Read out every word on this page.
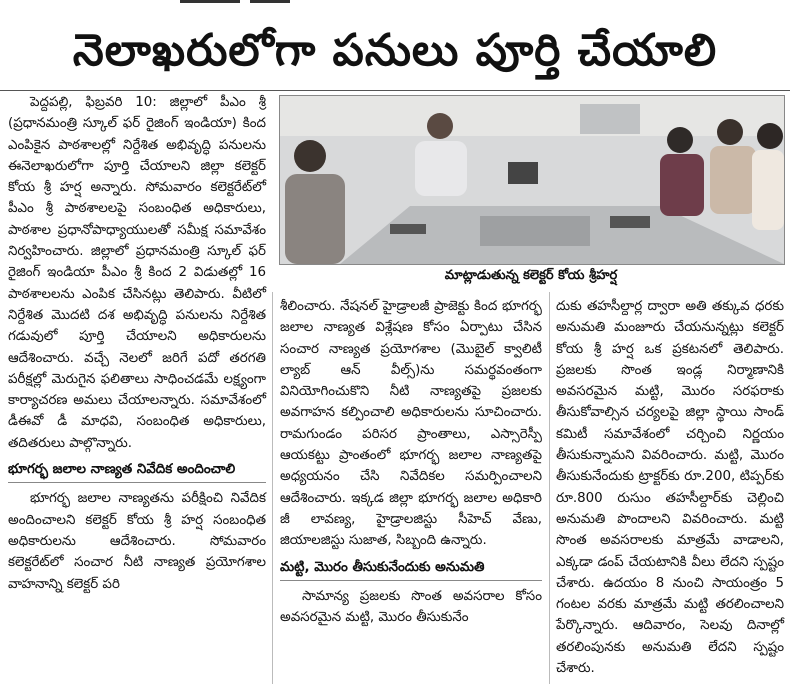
నెలాఖరులోగా పనులు పూర్తి చేయాలి

పెద్దపల్లి, ఫిబ్రవరి 10: జిల్లాలో పీఎం శ్రీ (ప్రధానమంత్రి స్కూల్ ఫర్ రైజింగ్ ఇండియా) కింద ఎంపికైన పాఠశాలల్లో నిర్దేశిత అభివృద్ధి పనులను ఈనెలాఖరులోగా పూర్తి చేయాలని జిల్లా కలెక్టర్ కోయ శ్రీ హర్ష అన్నారు. సోమవారం కలెక్టరేట్‌లో పీఎం శ్రీ పాఠశాలలపై సంబంధిత అధికారులు, పాఠశాల ప్రధానోపాధ్యాయులతో సమీక్ష సమావేశం నిర్వహించారు. జిల్లాలో ప్రధానమంత్రి స్కూల్ ఫర్ రైజింగ్ ఇండియా పీఎం శ్రీ కింద 2 విడుతల్లో 16 పాఠశాలలను ఎంపిక చేసినట్లు తెలిపారు. వీటిలో నిర్దేశిత మొదటి దశ అభివృద్ధి పనులను నిర్దేశిత గడువులో పూర్తి చేయాలని అధికారులను ఆదేశించారు. వచ్చే నెలలో జరిగే పదో తరగతి పరీక్షల్లో మెరుగైన ఫలితాలు సాధించడమే లక్ష్యంగా కార్యాచరణ అమలు చేయాలన్నారు. సమావేశంలో డీఈవో డీ మాధవి, సంబంధిత అధికారులు, తదితరులు పాల్గొన్నారు.

భూగర్భ జలాల నాణ్యత నివేదిక అందించాలి

భూగర్భ జలాల నాణ్యతను పరీక్షించి నివేదిక అందించాలని కలెక్టర్ కోయ శ్రీ హర్ష సంబంధిత అధికారులను ఆదేశించారు. సోమవారం కలెక్టరేట్‌లో సంచార నీటి నాణ్యత ప్రయోగశాల వాహనాన్ని కలెక్టర్ పరి

మాట్లాడుతున్న కలెక్టర్ కోయ శ్రీహర్ష

శీలించారు. నేషనల్ హైడ్రాలజీ ప్రాజెక్టు కింద భూగర్భ జలాల నాణ్యత విశ్లేషణ కోసం ఏర్పాటు చేసిన సంచార నాణ్యత ప్రయోగశాల (మొబైల్ క్వాలిటీ ల్యాబ్ ఆన్ వీల్స్)ను సమర్థవంతంగా వినియోగించుకొని నీటి నాణ్యతపై ప్రజలకు అవగాహన కల్పించాలి అధికారులను సూచించారు. రామగుండం పరిసర ప్రాంతాలు, ఎస్సారెస్పీ ఆయకట్టు ప్రాంతంలో భూగర్భ జలాల నాణ్యతపై అధ్యయనం చేసి నివేదికల సమర్పించాలని ఆదేశించారు. ఇక్కడ జిల్లా భూగర్భ జలాల అధికారి జీ లావణ్య, హైడ్రాలజిస్టు సీహెచ్ వేణు, జియాలజిస్టు సుజాత, సిబ్బంది ఉన్నారు.

మట్టి, మొరం తీసుకునేందుకు అనుమతి

సామాన్య ప్రజలకు సొంత అవసరాల కోసం అవసరమైన మట్టి, మొరం తీసుకునేం

దుకు తహసీల్దార్ల ద్వారా అతి తక్కువ ధరకు అనుమతి మంజూరు చేయనున్నట్లు కలెక్టర్ కోయ శ్రీ హర్ష ఒక ప్రకటనలో తెలిపారు. ప్రజలకు సొంత ఇండ్ల నిర్మాణానికి అవసరమైన మట్టి, మొరం సరఫరాకు తీసుకోవాల్సిన చర్యలపై జిల్లా స్థాయి సాండ్ కమిటీ సమావేశంలో చర్చించి నిర్ణయం తీసుకున్నామని వివరించారు. మట్టి, మొరం తీసుకునేందుకు ట్రాక్టర్‌కు రూ.200, టిప్పర్‌కు రూ.800 రుసుం తహసీల్దార్‌కు చెల్లించి అనుమతి పొందాలని వివరించారు. మట్టి సొంత అవసరాలకు మాత్రమే వాడాలని, ఎక్కడా డంప్ చేయటానికి వీలు లేదని స్పష్టం చేశారు. ఉదయం 8 నుంచి సాయంత్రం 5 గంటల వరకు మాత్రమే మట్టి తరలించాలని పేర్కొన్నారు. ఆదివారం, సెలవు దినాల్లో తరలింపునకు అనుమతి లేదని స్పష్టం చేశారు.
